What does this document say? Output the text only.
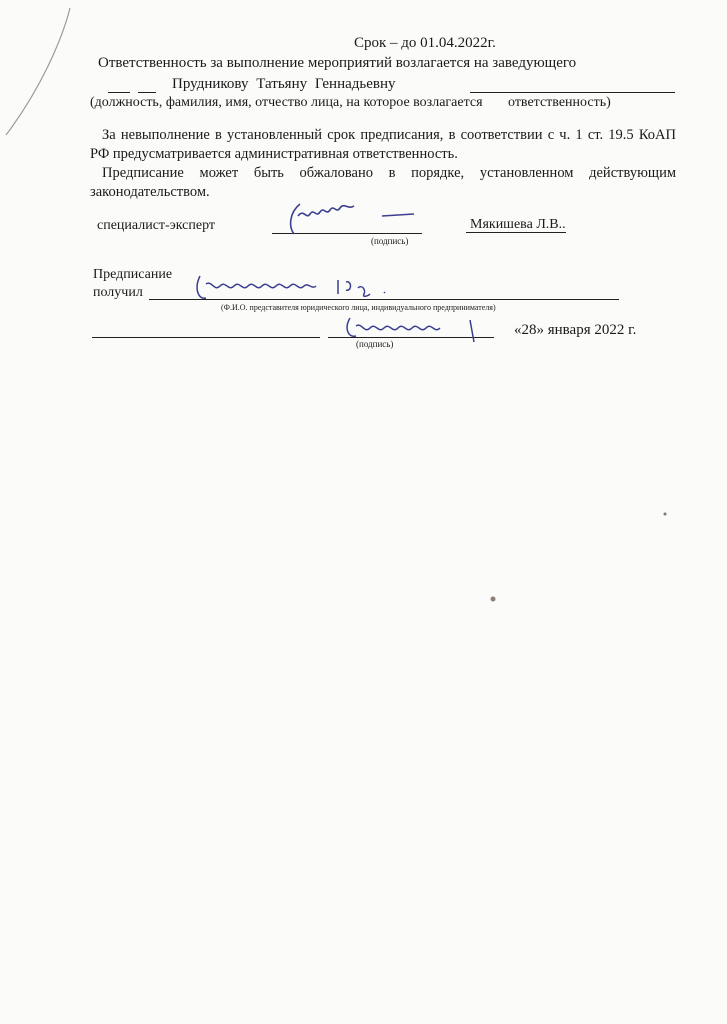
Срок – до 01.04.2022г.
Ответственность за выполнение мероприятий возлагается на заведующего
Прудникову Татьяну Геннадьевну
(должность, фамилия, имя, отчество лица, на которое возлагается ответственность)
За невыполнение в установленный срок предписания, в соответствии с ч. 1 ст. 19.5 КоАП РФ предусматривается административная ответственность.
Предписание может быть обжаловано в порядке, установленном действующим законодательством.
специалист-эксперт
(подпись)
Мякишева Л.В..
Предписание
получил
(Ф.И.О. представителя юридического лица, индивидуального предпринимателя)
(подпись)
«28» января 2022 г.
